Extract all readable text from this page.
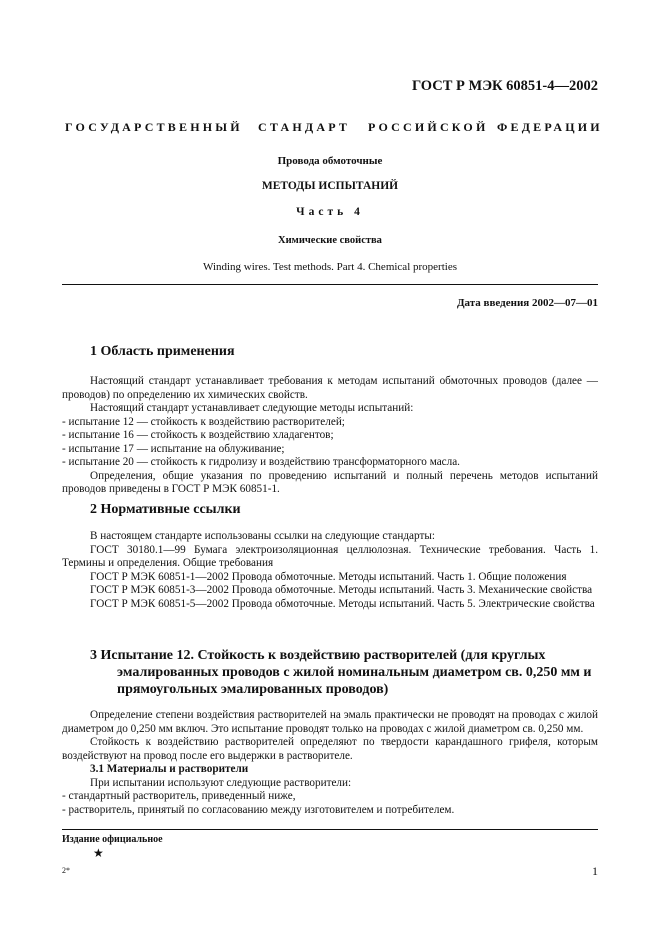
ГОСТ Р МЭК 60851-4—2002
ГОСУДАРСТВЕННЫЙ СТАНДАРТ РОССИЙСКОЙ ФЕДЕРАЦИИ
Провода обмоточные
МЕТОДЫ ИСПЫТАНИЙ
Часть 4
Химические свойства
Winding wires. Test methods. Part 4. Chemical properties
Дата введения 2002—07—01
1 Область применения

Настоящий стандарт устанавливает требования к методам испытаний обмоточных проводов (далее — проводов) по определению их химических свойств.

Настоящий стандарт устанавливает следующие методы испытаний:

- испытание 12 — стойкость к воздействию растворителей;

- испытание 16 — стойкость к воздействию хладагентов;

- испытание 17 — испытание на облуживание;

- испытание 20 — стойкость к гидролизу и воздействию трансформаторного масла.

Определения, общие указания по проведению испытаний и полный перечень методов испытаний проводов приведены в ГОСТ Р МЭК 60851-1.

2 Нормативные ссылки

В настоящем стандарте использованы ссылки на следующие стандарты:

ГОСТ 30180.1—99 Бумага электроизоляционная целлюлозная. Технические требования. Часть 1. Термины и определения. Общие требования

ГОСТ Р МЭК 60851-1—2002 Провода обмоточные. Методы испытаний. Часть 1. Общие положения

ГОСТ Р МЭК 60851-3—2002 Провода обмоточные. Методы испытаний. Часть 3. Механические свойства

ГОСТ Р МЭК 60851-5—2002 Провода обмоточные. Методы испытаний. Часть 5. Электрические свойства

3 Испытание 12. Стойкость к воздействию растворителей (для круглых
эмалированных проводов с жилой номинальным диаметром св. 0,250 мм и
прямоугольных эмалированных проводов)

Определение степени воздействия растворителей на эмаль практически не проводят на проводах с жилой диаметром до 0,250 мм включ. Это испытание проводят только на проводах с жилой диаметром св. 0,250 мм.

Стойкость к воздействию растворителей определяют по твердости карандашного грифеля, которым воздействуют на провод после его выдержки в растворителе.

3.1 Материалы и растворители

При испытании используют следующие растворители:

- стандартный растворитель, приведенный ниже,

- растворитель, принятый по согласованию между изготовителем и потребителем.

Издание официальное
★
2*	1
